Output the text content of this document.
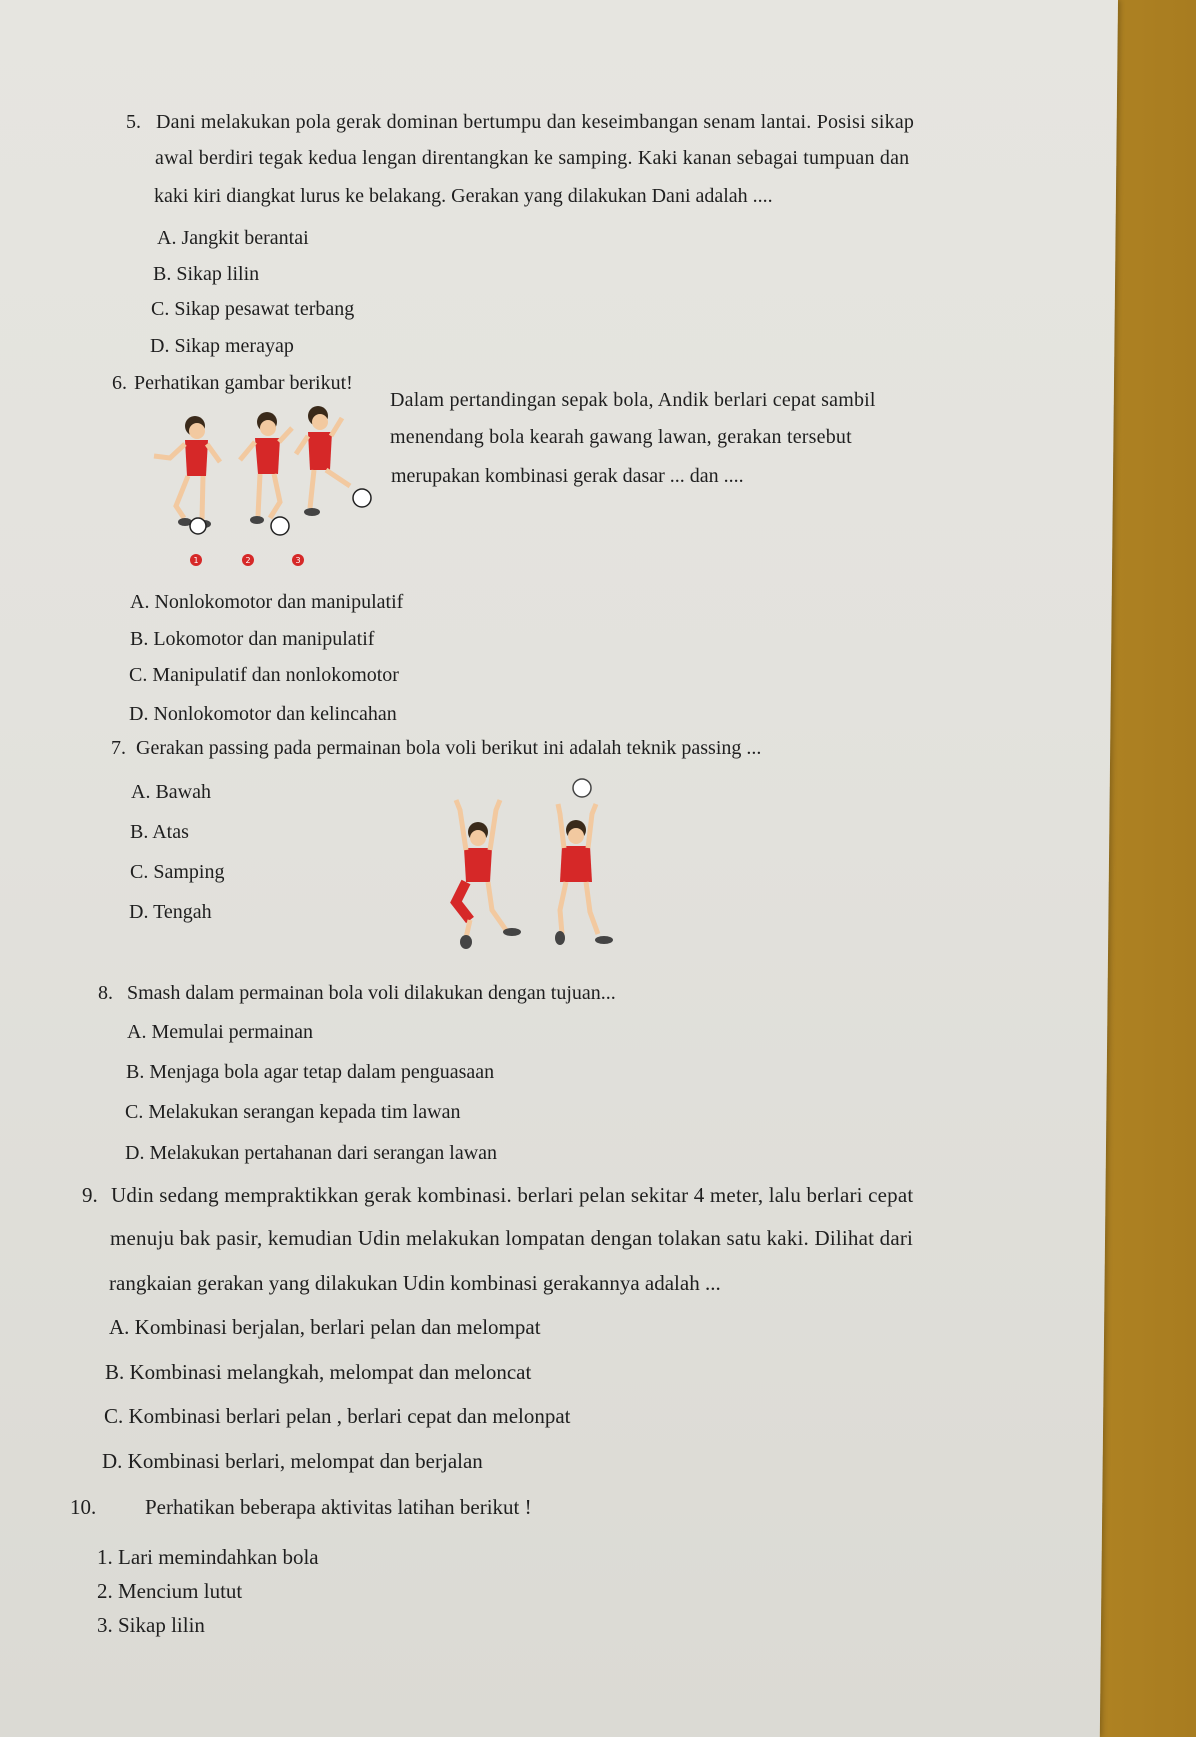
5. Dani melakukan pola gerak dominan bertumpu dan keseimbangan senam lantai. Posisi sikap
awal berdiri tegak kedua lengan direntangkan ke samping. Kaki kanan sebagai tumpuan dan
kaki kiri diangkat lurus ke belakang. Gerakan yang dilakukan Dani adalah ....
A. Jangkit berantai
B. Sikap lilin
C. Sikap pesawat terbang
D. Sikap merayap
6. Perhatikan gambar berikut!
Dalam pertandingan sepak bola, Andik berlari cepat sambil
menendang bola kearah gawang lawan, gerakan tersebut
merupakan kombinasi gerak dasar ... dan ....
1	2	3
A. Nonlokomotor dan manipulatif
B. Lokomotor dan manipulatif
C. Manipulatif dan nonlokomotor
D. Nonlokomotor dan kelincahan
7. Gerakan passing pada permainan bola voli berikut ini adalah teknik passing ...
A. Bawah
B. Atas
C. Samping
D. Tengah
8. Smash dalam permainan bola voli dilakukan dengan tujuan...
A. Memulai permainan
B. Menjaga bola agar tetap dalam penguasaan
C. Melakukan serangan kepada tim lawan
D. Melakukan pertahanan dari serangan lawan
9. Udin sedang mempraktikkan gerak kombinasi. berlari pelan sekitar 4 meter, lalu berlari cepat
menuju bak pasir, kemudian Udin melakukan lompatan dengan tolakan satu kaki. Dilihat dari
rangkaian gerakan yang dilakukan Udin kombinasi gerakannya adalah ...
A. Kombinasi berjalan, berlari pelan dan melompat
B. Kombinasi melangkah, melompat dan meloncat
C. Kombinasi berlari pelan , berlari cepat dan melonpat
D. Kombinasi berlari, melompat dan berjalan
10. Perhatikan beberapa aktivitas latihan berikut !
1. Lari memindahkan bola
2. Mencium lutut
3. Sikap lilin
